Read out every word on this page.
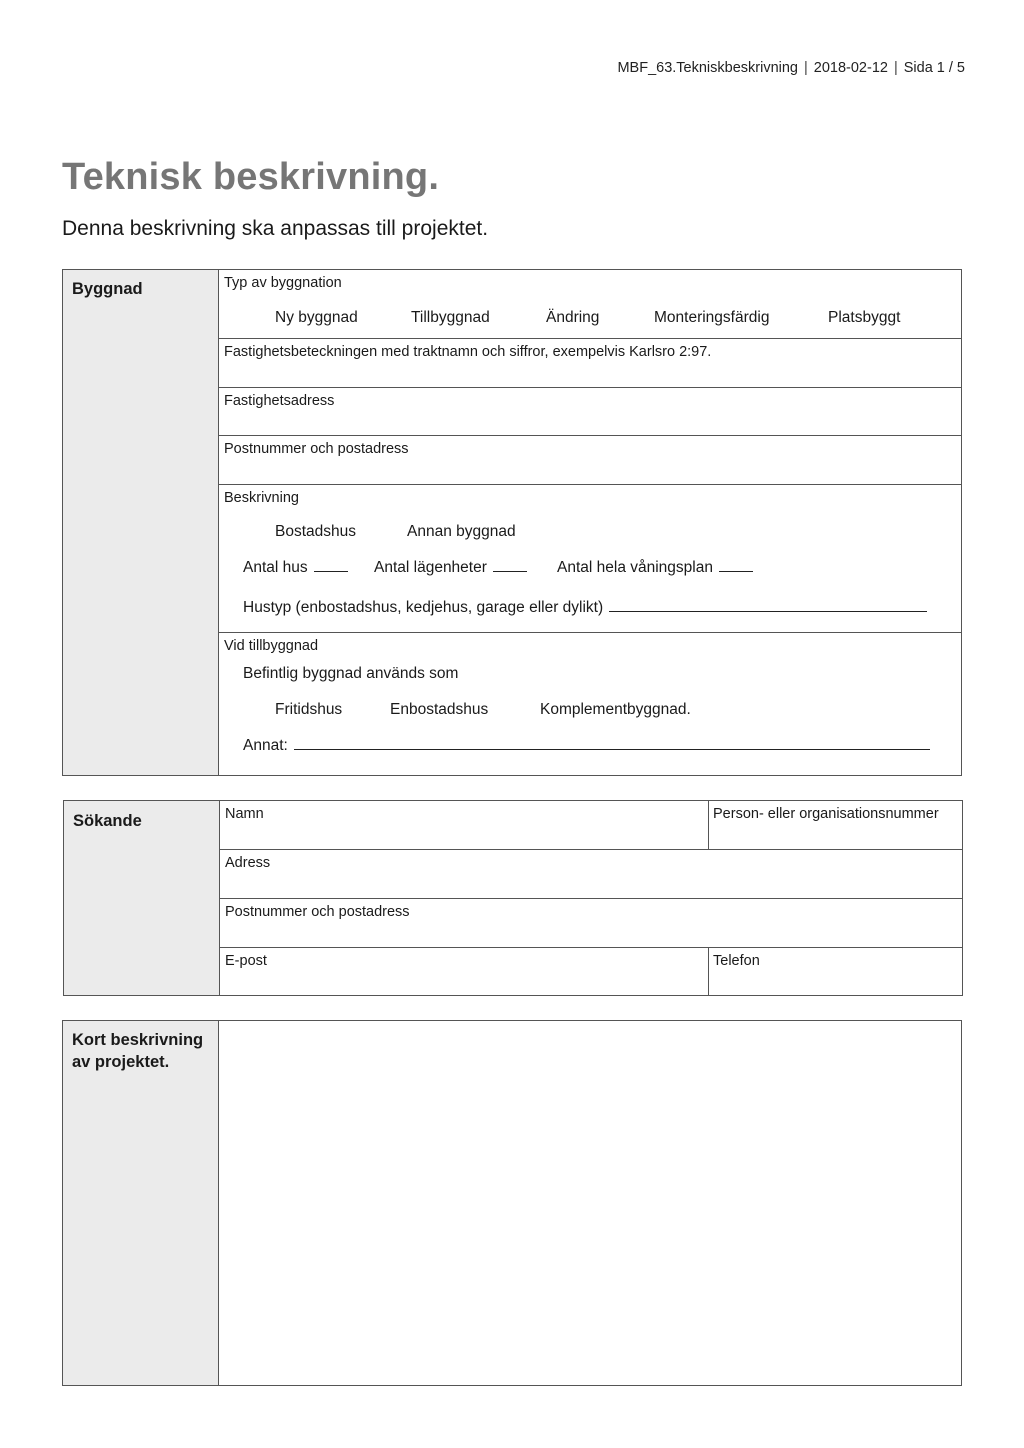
MBF_63.Tekniskbeskrivning | 2018-02-12 | Sida 1 / 5
Teknisk beskrivning.

Denna beskrivning ska anpassas till projektet.

Byggnad	Typ av byggnation
Ny byggnad	Tillbyggnad	Ändring	Monteringsfärdig	Platsbyggt
Fastighetsbeteckningen med traktnamn och siffror, exempelvis Karlsro 2:97.
Fastighetsadress
Postnummer och postadress
Beskrivning
Bostadshus	Annan byggnad
Antal hus	Antal lägenheter	Antal hela våningsplan
Hustyp (enbostadshus, kedjehus, garage eller dylikt)
Vid tillbyggnad
Befintlig byggnad används som
Fritidshus	Enbostadshus	Komplementbyggnad.
Annat:
Sökande	Namn	Person- eller organisationsnummer
Adress
Postnummer och postadress
E-post	Telefon
Kort beskrivning
av projektet.
